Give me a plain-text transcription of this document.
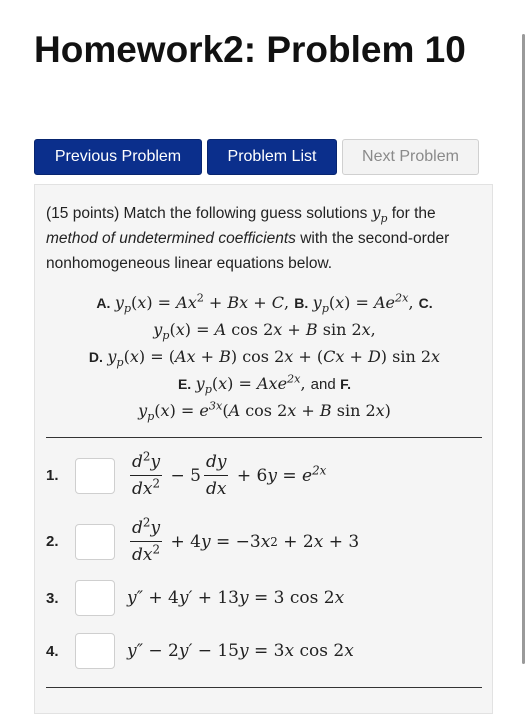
Homework2: Problem 10
Previous Problem	Problem List	Next Problem
(15 points) Match the following guess solutions $y_p$ for the method of undetermined coefficients with the second-order nonhomogeneous linear equations below.
A. $y_p(x) = Ax^2 + Bx + C$, B. $y_p(x) = Ae^{2x}$, C.
$y_p(x) = A$ cos 2x + B sin 2x,
D. $y_p(x) = (Ax + B)$ cos 2x + (Cx + D) sin 2x
E. $y_p(x) = Axe^{2x}$, and F.
$y_p(x) = e^{3x}(A$ cos 2x + B sin 2x)
1.	$\frac{d^2y}{dx^2} - 5 \frac{dy}{dx} + 6$ $y = e^{2x}$
2.	$\frac{d^2y}{dx^2} + 4$ y = −3 x 2 + 2 x + 3
3.	y″ + 4 y′ + 13 y = 3 cos 2 x
4.	y″ − 2 y′ − 15 y = 3 x cos 2 x
